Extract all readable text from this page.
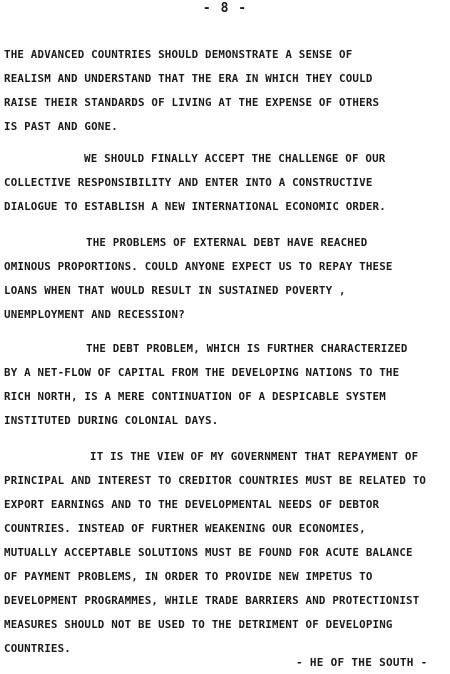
- 8 -
THE ADVANCED COUNTRIES SHOULD DEMONSTRATE A SENSE OF
REALISM AND UNDERSTAND THAT THE ERA IN WHICH THEY COULD
RAISE THEIR STANDARDS OF LIVING AT THE EXPENSE OF OTHERS
IS PAST AND GONE.
WE SHOULD FINALLY ACCEPT THE CHALLENGE OF OUR
COLLECTIVE RESPONSIBILITY AND ENTER INTO A CONSTRUCTIVE
DIALOGUE TO ESTABLISH A NEW INTERNATIONAL ECONOMIC ORDER.
THE PROBLEMS OF EXTERNAL DEBT HAVE REACHED
OMINOUS PROPORTIONS. COULD ANYONE EXPECT US TO REPAY THESE
LOANS WHEN THAT WOULD RESULT IN SUSTAINED POVERTY ,
UNEMPLOYMENT AND RECESSION?
THE DEBT PROBLEM, WHICH IS FURTHER CHARACTERIZED
BY A NET-FLOW OF CAPITAL FROM THE DEVELOPING NATIONS TO THE
RICH NORTH, IS A MERE CONTINUATION OF A DESPICABLE SYSTEM
INSTITUTED DURING COLONIAL DAYS.
IT IS THE VIEW OF MY GOVERNMENT THAT REPAYMENT OF
PRINCIPAL AND INTEREST TO CREDITOR COUNTRIES MUST BE RELATED TO
EXPORT EARNINGS AND TO THE DEVELOPMENTAL NEEDS OF DEBTOR
COUNTRIES. INSTEAD OF FURTHER WEAKENING OUR ECONOMIES,
MUTUALLY ACCEPTABLE SOLUTIONS MUST BE FOUND FOR ACUTE BALANCE
OF PAYMENT PROBLEMS, IN ORDER TO PROVIDE NEW IMPETUS TO
DEVELOPMENT PROGRAMMES, WHILE TRADE BARRIERS AND PROTECTIONIST
MEASURES SHOULD NOT BE USED TO THE DETRIMENT OF DEVELOPING
COUNTRIES.
- HE OF THE SOUTH -
